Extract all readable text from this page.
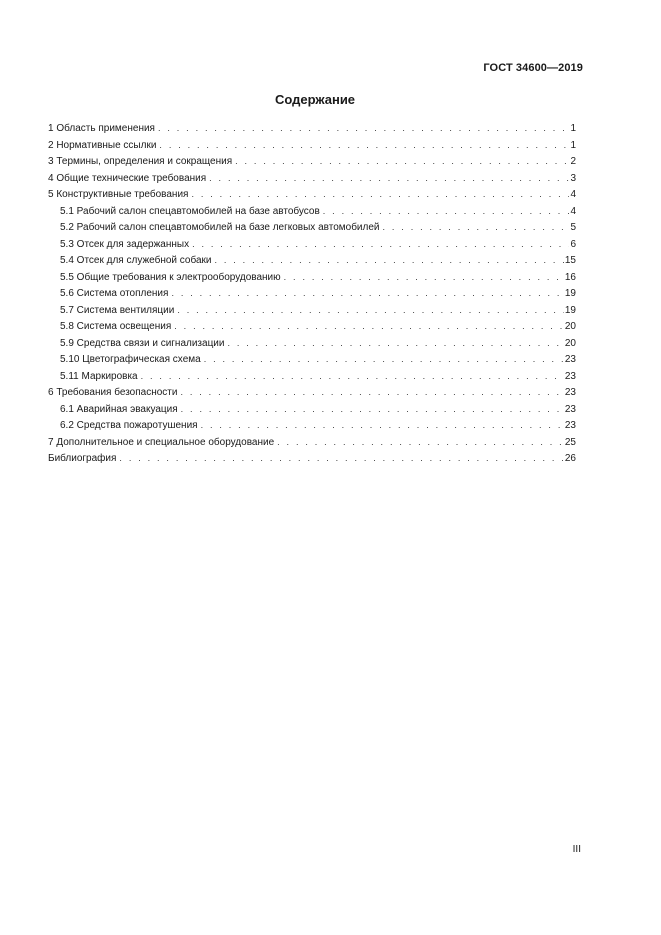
ГОСТ 34600—2019
Содержание
1 Область применения . . .	1
2 Нормативные ссылки . . .	1
3 Термины, определения и сокращения . . .	2
4 Общие технические требования . . .	3
5 Конструктивные требования . . .	4
5.1 Рабочий салон спецавтомобилей на базе автобусов . . .	4
5.2 Рабочий салон спецавтомобилей на базе легковых автомобилей . . .	5
5.3 Отсек для задержанных . . .	6
5.4 Отсек для служебной собаки . . .	15
5.5 Общие требования к электрооборудованию . . .	16
5.6 Система отопления . . .	19
5.7 Система вентиляции . . .	19
5.8 Система освещения . . .	20
5.9 Средства связи и сигнализации . . .	20
5.10 Цветографическая схема . . .	23
5.11 Маркировка . . .	23
6 Требования безопасности . . .	23
6.1 Аварийная эвакуация . . .	23
6.2 Средства пожаротушения . . .	23
7 Дополнительное и специальное оборудование . . .	25
Библиография . . .	26
III
